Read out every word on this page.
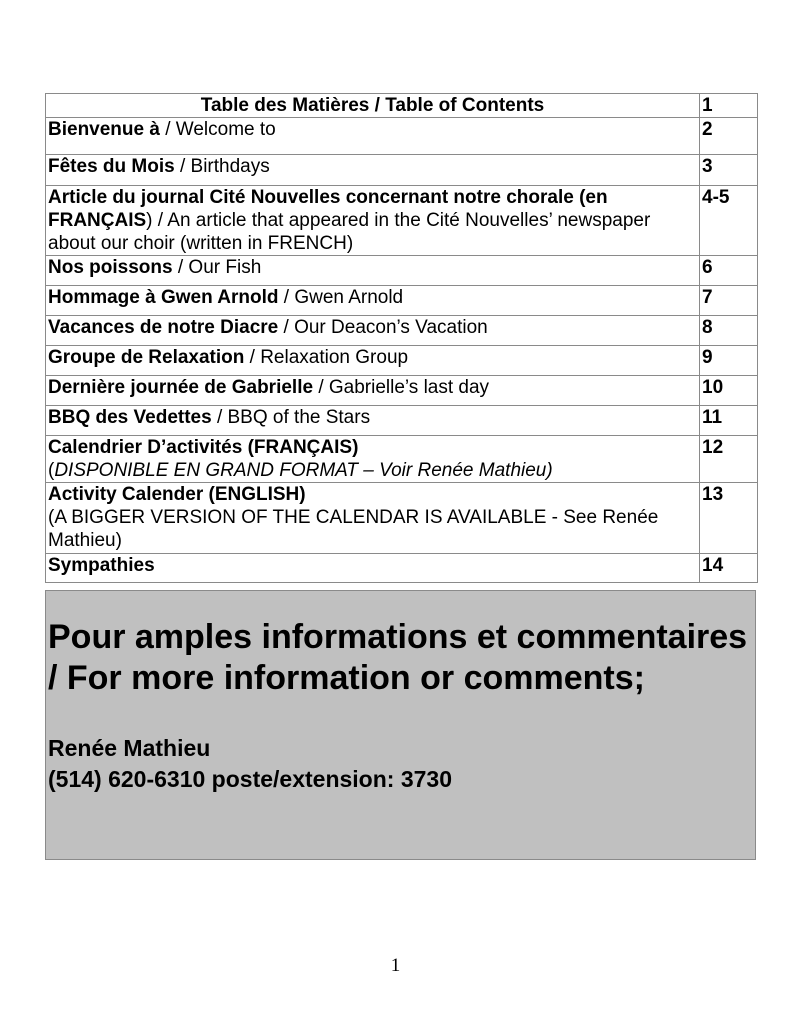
Table des Matières / Table of Contents	1
Bienvenue à / Welcome to	2
Fêtes du Mois / Birthdays	3
Article du journal Cité Nouvelles concernant notre chorale (en FRANÇAIS) / An article that appeared in the Cité Nouvelles’ newspaper about our choir (written in FRENCH)	4-5
Nos poissons / Our Fish	6
Hommage à Gwen Arnold / Gwen Arnold	7
Vacances de notre Diacre / Our Deacon’s Vacation	8
Groupe de Relaxation / Relaxation Group	9
Dernière journée de Gabrielle / Gabrielle’s last day	10
BBQ des Vedettes / BBQ of the Stars	11

Calendrier D’activités (FRANÇAIS)
(DISPONIBLE EN GRAND FORMAT – Voir Renée Mathieu)	12

Activity Calender (ENGLISH)
(A BIGGER VERSION OF THE CALENDAR IS AVAILABLE - See Renée Mathieu)	13
Sympathies	14

Pour amples informations et commentaires / For more information or comments;

Renée Mathieu

(514) 620-6310 poste/extension: 3730

1
